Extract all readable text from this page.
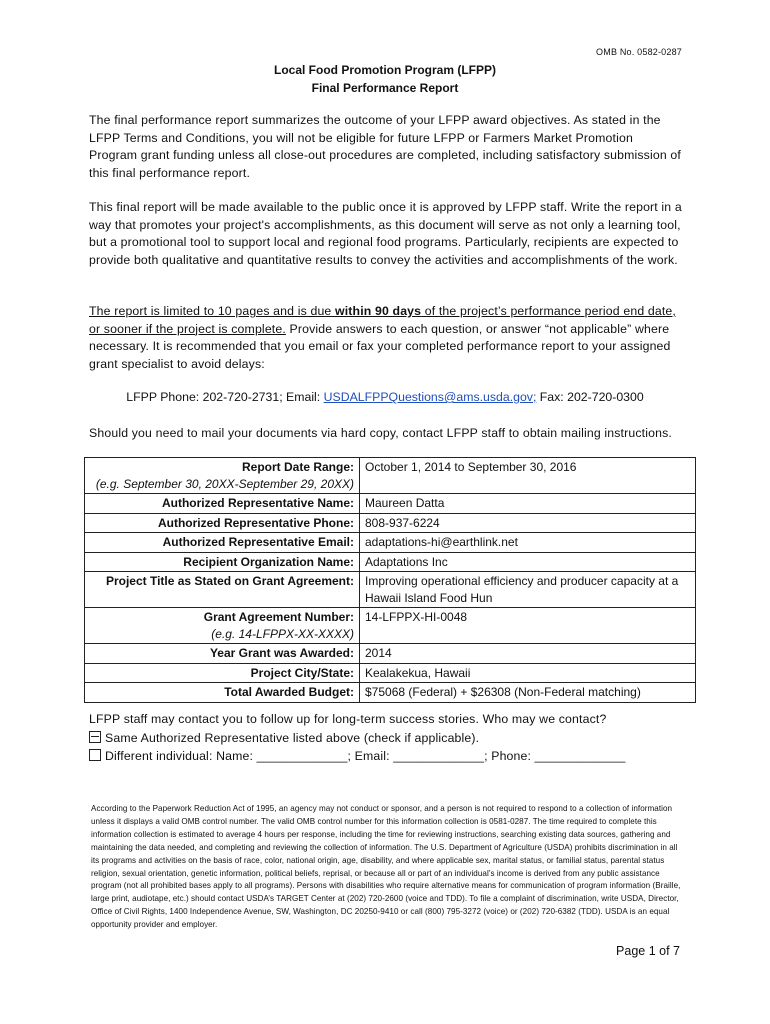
OMB No. 0582-0287
Local Food Promotion Program (LFPP)
Final Performance Report
The final performance report summarizes the outcome of your LFPP award objectives. As stated in the LFPP Terms and Conditions, you will not be eligible for future LFPP or Farmers Market Promotion Program grant funding unless all close-out procedures are completed, including satisfactory submission of this final performance report.
This final report will be made available to the public once it is approved by LFPP staff. Write the report in a way that promotes your project's accomplishments, as this document will serve as not only a learning tool, but a promotional tool to support local and regional food programs. Particularly, recipients are expected to provide both qualitative and quantitative results to convey the activities and accomplishments of the work.
The report is limited to 10 pages and is due within 90 days of the project’s performance period end date, or sooner if the project is complete. Provide answers to each question, or answer “not applicable” where necessary. It is recommended that you email or fax your completed performance report to your assigned grant specialist to avoid delays:
LFPP Phone: 202-720-2731; Email: USDALFPPQuestions@ams.usda.gov; Fax: 202-720-0300
Should you need to mail your documents via hard copy, contact LFPP staff to obtain mailing instructions.
Report Date Range:
(e.g. September 30, 20XX-September 29, 20XX)	October 1, 2014 to September 30, 2016
Authorized Representative Name:	Maureen Datta
Authorized Representative Phone:	808-937-6224
Authorized Representative Email:	adaptations-hi@earthlink.net
Recipient Organization Name:	Adaptations Inc
Project Title as Stated on Grant Agreement:	Improving operational efficiency and producer capacity at a Hawaii Island Food Hun
Grant Agreement Number:
(e.g. 14-LFPPX-XX-XXXX)	14-LFPPX-HI-0048
Year Grant was Awarded:	2014
Project City/State:	Kealakekua, Hawaii
Total Awarded Budget:	$75068 (Federal) + $26308 (Non-Federal matching)
LFPP staff may contact you to follow up for long-term success stories. Who may we contact?
Same Authorized Representative listed above (check if applicable).
Different individual: Name: _____________; Email: _____________; Phone: _____________
According to the Paperwork Reduction Act of 1995, an agency may not conduct or sponsor, and a person is not required to respond to a collection of information unless it displays a valid OMB control number. The valid OMB control number for this information collection is 0581-0287. The time required to complete this information collection is estimated to average 4 hours per response, including the time for reviewing instructions, searching existing data sources, gathering and maintaining the data needed, and completing and reviewing the collection of information. The U.S. Department of Agriculture (USDA) prohibits discrimination in all its programs and activities on the basis of race, color, national origin, age, disability, and where applicable sex, marital status, or familial status, parental status religion, sexual orientation, genetic information, political beliefs, reprisal, or because all or part of an individual’s income is derived from any public assistance program (not all prohibited bases apply to all programs). Persons with disabilities who require alternative means for communication of program information (Braille, large print, audiotape, etc.) should contact USDA’s TARGET Center at (202) 720-2600 (voice and TDD). To file a complaint of discrimination, write USDA, Director, Office of Civil Rights, 1400 Independence Avenue, SW, Washington, DC 20250-9410 or call (800) 795-3272 (voice) or (202) 720-6382 (TDD). USDA is an equal opportunity provider and employer.
Page 1 of 7
